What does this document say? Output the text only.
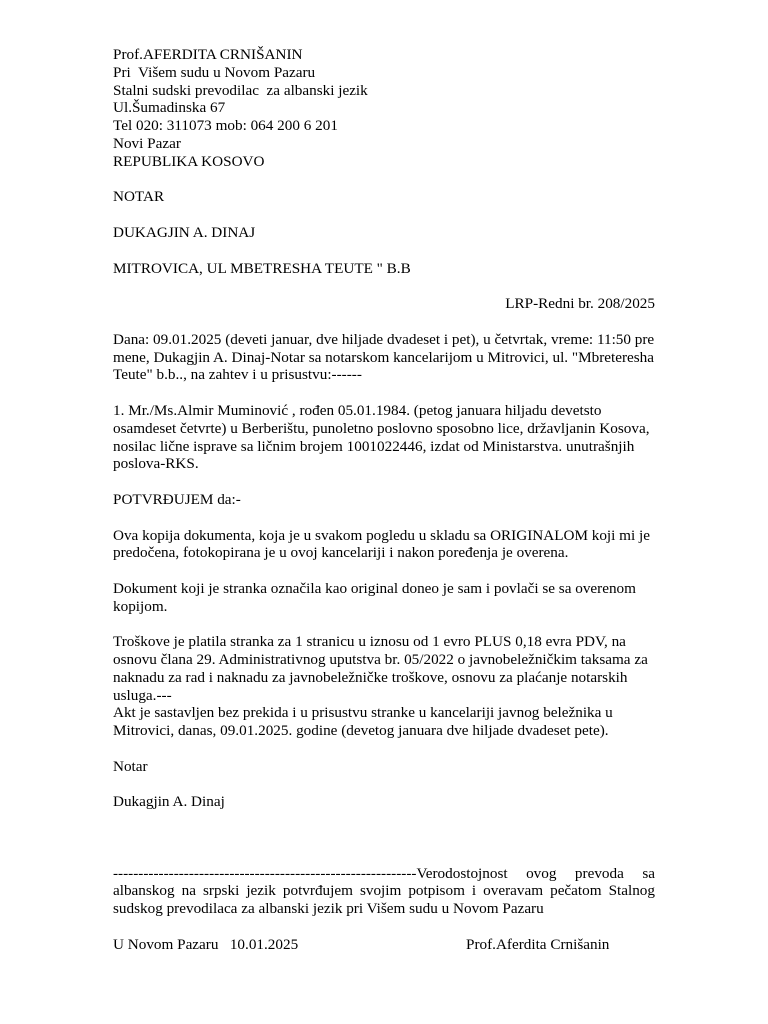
Prof.AFERDITA CRNIŠANIN
Pri  Višem sudu u Novom Pazaru
Stalni sudski prevodilac  za albanski jezik
Ul.Šumadinska 67
Tel 020: 311073 mob: 064 200 6 201
Novi Pazar
REPUBLIKA KOSOVO
NOTAR
DUKAGJIN A. DINAJ
MITROVICA, UL MBETRESHA TEUTE " B.B
LRP-Redni br. 208/2025

Dana: 09.01.2025 (deveti januar, dve hiljade dvadeset i pet), u četvrtak, vreme: 11:50 pre mene, Dukagjin A. Dinaj-Notar sa notarskom kancelarijom u Mitrovici, ul. "Mbreteresha Teute" b.b.., na zahtev i u prisustvu:------

1. Mr./Ms.Almir Muminović , rođen 05.01.1984. (petog januara hiljadu devetsto osamdeset četvrte) u Berberištu, punoletno poslovno sposobno lice, državljanin Kosova, nosilac lične isprave sa ličnim brojem 1001022446, izdat od Ministarstva. unutrašnjih poslova-RKS.

POTVRĐUJEM da:-

Ova kopija dokumenta, koja je u svakom pogledu u skladu sa ORIGINALOM koji mi je predočena, fotokopirana je u ovoj kancelariji i nakon poređenja je overena.

Dokument koji je stranka označila kao original doneo je sam i povlači se sa overenom kopijom.

Troškove je platila stranka za 1 stranicu u iznosu od 1 evro PLUS 0,18 evra PDV, na osnovu člana 29. Administrativnog uputstva br. 05/2022 o javnobeležničkim taksama za naknadu za rad i naknadu za javnobeležničke troškove, osnovu za plaćanje notarskih usluga.---

Akt je sastavljen bez prekida i u prisustvu stranke u kancelariji javnog beležnika u Mitrovici, danas, 09.01.2025. godine (devetog januara dve hiljade dvadeset pete).

Notar
Dukagjin A. Dinaj

------------------------------------------------------------Verodostojnost ovog prevoda sa albanskog na srpski jezik potvrđujem svojim potpisom i overavam pečatom Stalnog sudskog prevodilaca za albanski jezik pri Višem sudu u Novom Pazaru

U Novom Pazaru   10.01.2025	Prof.Aferdita Crnišanin
